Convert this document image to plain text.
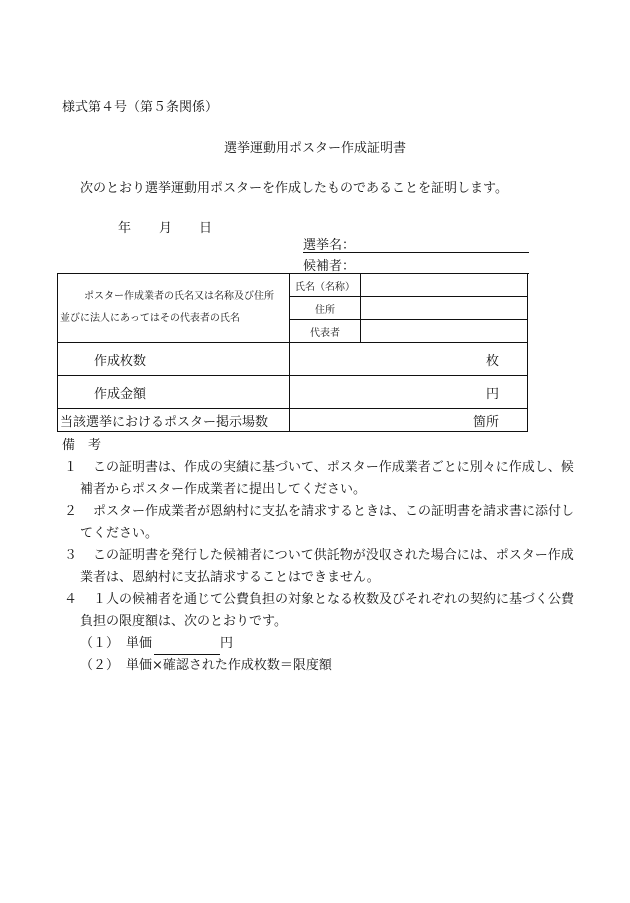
様式第４号（第５条関係）
選挙運動用ポスター作成証明書
次のとおり選挙運動用ポスターを作成したものであることを証明します。
年 月 日
選挙名：
候補者：
ポスター作成業者の氏名又は名称及び住所
並びに法人にあってはその代表者の氏名	氏名（名称）	
	住所	
	代表者	
作成枚数	枚	
作成金額	円	
当該選挙におけるポスター掲示場数	箇所	

備　考

１	この証明書は、作成の実績に基づいて、ポスター作成業者ごとに別々に作成し、候補者からポスター作成業者に提出してください。
２	ポスター作成業者が恩納村に支払を請求するときは、この証明書を請求書に添付してください。
３	この証明書を発行した候補者について供託物が没収された場合には、ポスター作成業者は、恩納村に支払請求することはできません。
４	１人の候補者を通じて公費負担の対象となる枚数及びそれぞれの契約に基づく公費負担の限度額は、次のとおりです。
（１） 単価	円
（２） 単価×確認された作成枚数＝限度額
